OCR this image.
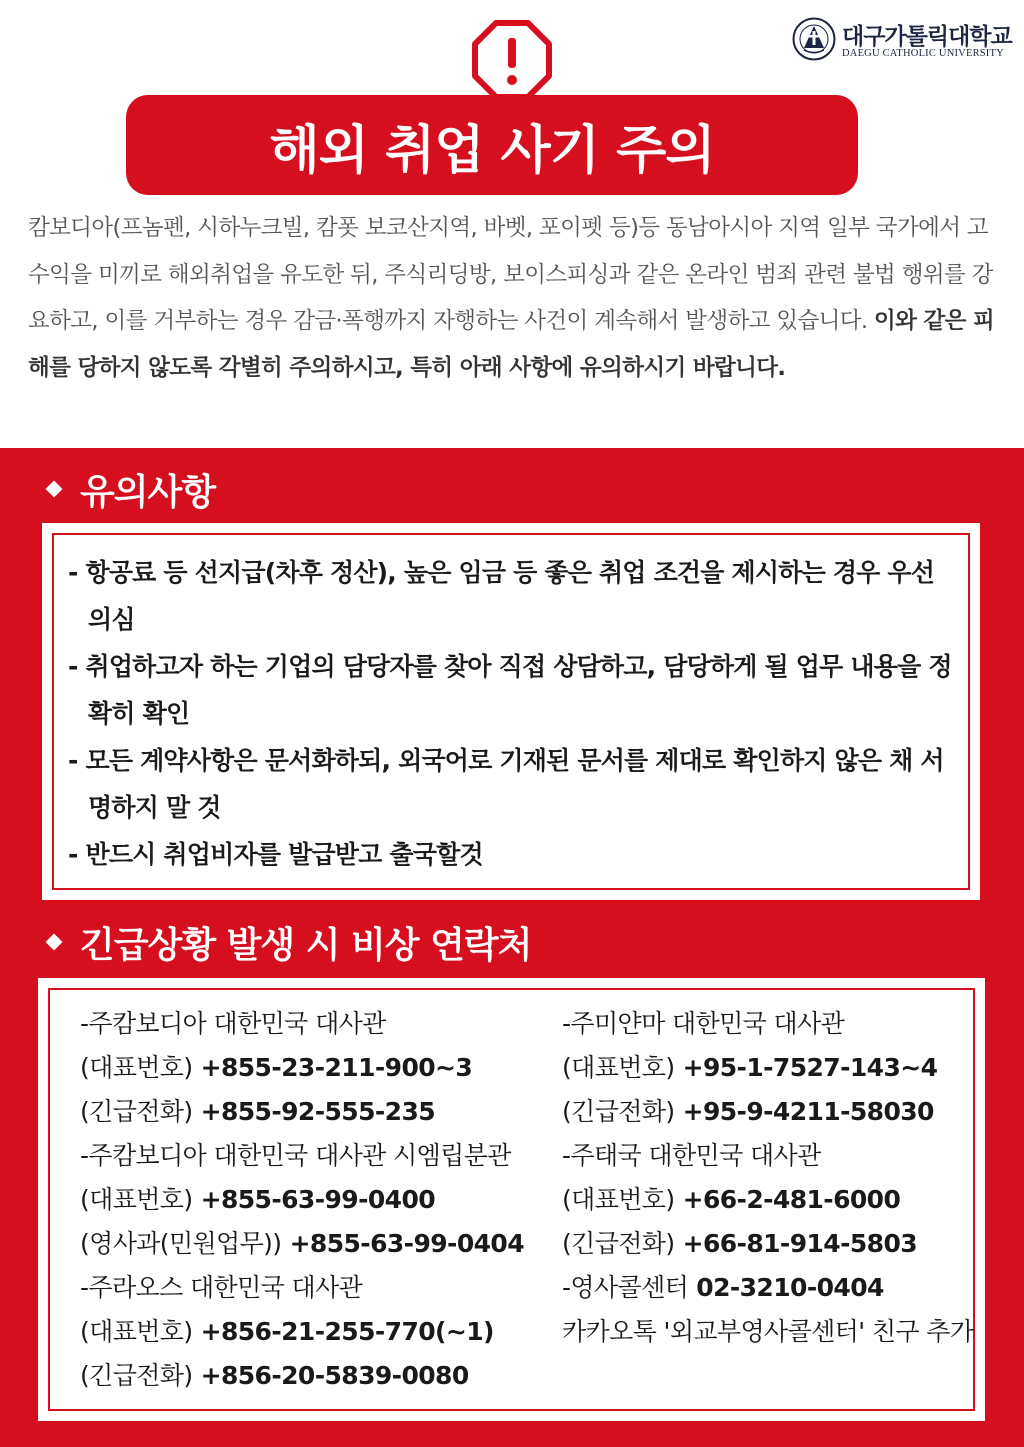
대구가톨릭대학교
DAEGU CATHOLIC UNIVERSITY
해외 취업 사기 주의

캄보디아(프놈펜, 시하누크빌, 캄폿 보코산지역, 바벳, 포이펫 등)등 동남아시아 지역 일부 국가에서 고수익을 미끼로 해외취업을 유도한 뒤, 주식리딩방, 보이스피싱과 같은 온라인 범죄 관련 불법 행위를 강요하고, 이를 거부하는 경우 감금·폭행까지 자행하는 사건이 계속해서 발생하고 있습니다. 이와 같은 피해를 당하지 않도록 각별히 주의하시고, 특히 아래 사항에 유의하시기 바랍니다.

유의사항
- 항공료 등 선지급(차후 정산), 높은 임금 등 좋은 취업 조건을 제시하는 경우 우선 의심
- 취업하고자 하는 기업의 담당자를 찾아 직접 상담하고, 담당하게 될 업무 내용을 정확히 확인
- 모든 계약사항은 문서화하되, 외국어로 기재된 문서를 제대로 확인하지 않은 채 서명하지 말 것
- 반드시 취업비자를 발급받고 출국할것
긴급상황 발생 시 비상 연락처
-주캄보디아 대한민국 대사관
(대표번호) +855-23-211-900~3
(긴급전화) +855-92-555-235
-주캄보디아 대한민국 대사관 시엠립분관
(대표번호) +855-63-99-0400
(영사과(민원업무)) +855-63-99-0404
-주라오스 대한민국 대사관
(대표번호) +856-21-255-770(~1)
(긴급전화) +856-20-5839-0080
-주미얀마 대한민국 대사관
(대표번호) +95-1-7527-143~4
(긴급전화) +95-9-4211-58030
-주태국 대한민국 대사관
(대표번호) +66-2-481-6000
(긴급전화) +66-81-914-5803
-영사콜센터 02-3210-0404
카카오톡 '외교부영사콜센터' 친구 추가
